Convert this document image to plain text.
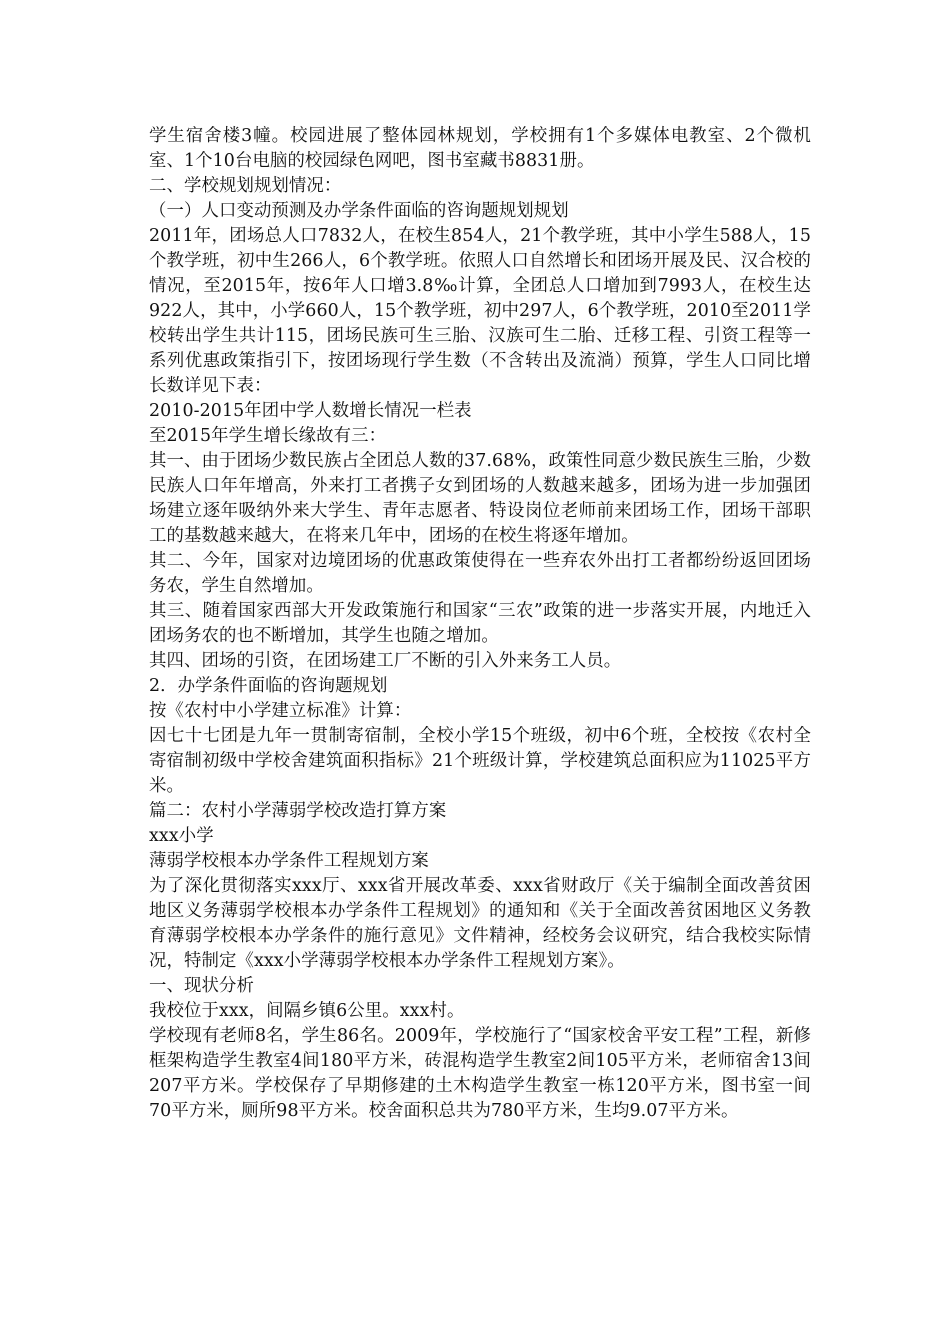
学生宿舍楼3幢。校园进展了整体园林规划，学校拥有1个多媒体电教室、2个微机室、1个10台电脑的校园绿色网吧，图书室藏书8831册。

二、学校规划规划情况：

（一）人口变动预测及办学条件面临的咨询题规划规划

2011年，团场总人口7832人，在校生854人，21个教学班，其中小学生588人，15个教学班，初中生266人，6个教学班。依照人口自然增长和团场开展及民、汉合校的情况，至2015年，按6年人口增3.8‰计算，全团总人口增加到7993人，在校生达922人，其中，小学660人，15个教学班，初中297人，6个教学班，2010至2011学校转出学生共计115，团场民族可生三胎、汉族可生二胎、迁移工程、引资工程等一系列优惠政策指引下，按团场现行学生数（不含转出及流淌）预算，学生人口同比增长数详见下表：

2010-2015年团中学人数增长情况一栏表

至2015年学生增长缘故有三：

其一、由于团场少数民族占全团总人数的37.68%，政策性同意少数民族生三胎，少数民族人口年年增高，外来打工者携子女到团场的人数越来越多，团场为进一步加强团场建立逐年吸纳外来大学生、青年志愿者、特设岗位老师前来团场工作，团场干部职工的基数越来越大，在将来几年中，团场的在校生将逐年增加。

其二、今年，国家对边境团场的优惠政策使得在一些弃农外出打工者都纷纷返回团场务农，学生自然增加。

其三、随着国家西部大开发政策施行和国家“三农”政策的进一步落实开展，内地迁入团场务农的也不断增加，其学生也随之增加。

其四、团场的引资，在团场建工厂不断的引入外来务工人员。

2．办学条件面临的咨询题规划

按《农村中小学建立标准》计算：

因七十七团是九年一贯制寄宿制，全校小学15个班级，初中6个班，全校按《农村全寄宿制初级中学校舍建筑面积指标》21个班级计算，学校建筑总面积应为11025平方米。

篇二：农村小学薄弱学校改造打算方案

xxx小学

薄弱学校根本办学条件工程规划方案

为了深化贯彻落实xxx厅、xxx省开展改革委、xxx省财政厅《关于编制全面改善贫困地区义务薄弱学校根本办学条件工程规划》的通知和《关于全面改善贫困地区义务教育薄弱学校根本办学条件的施行意见》文件精神，经校务会议研究，结合我校实际情况，特制定《xxx小学薄弱学校根本办学条件工程规划方案》。

一、现状分析

我校位于xxx，间隔乡镇6公里。xxx村。

学校现有老师8名，学生86名。2009年，学校施行了“国家校舍平安工程”工程，新修框架构造学生教室4间180平方米，砖混构造学生教室2间105平方米，老师宿舍13间207平方米。学校保存了早期修建的土木构造学生教室一栋120平方米，图书室一间70平方米，厕所98平方米。校舍面积总共为780平方米，生均9.07平方米。
